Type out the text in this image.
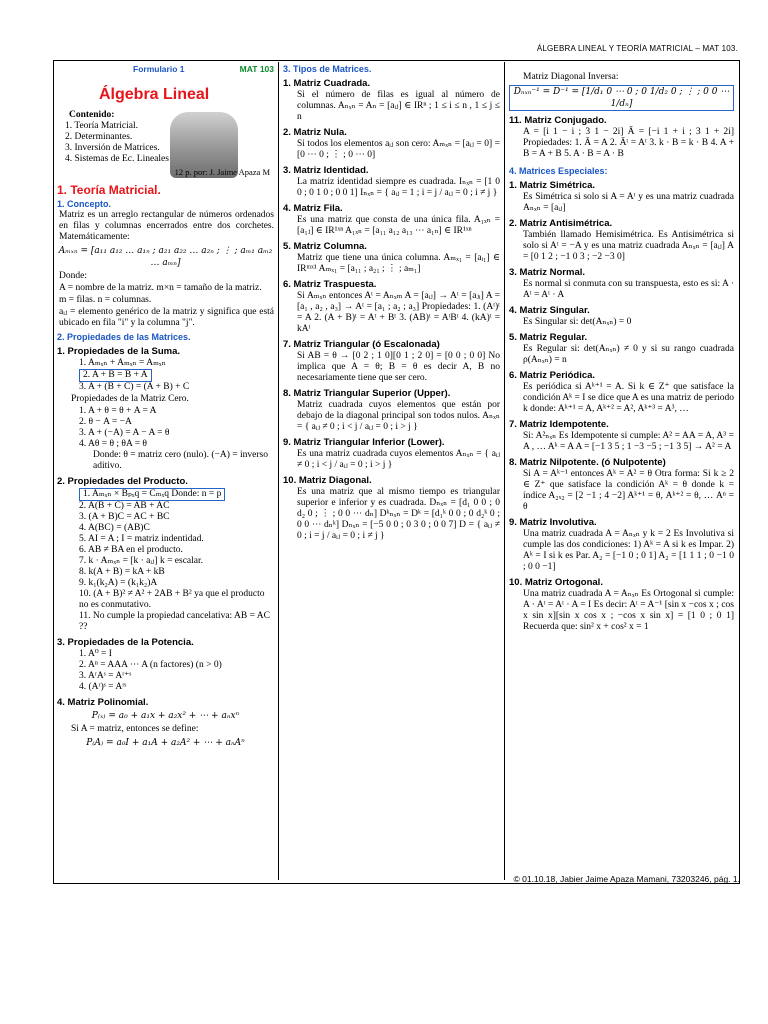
ÁLGEBRA LINEAL Y TEORÍA MATRICIAL – MAT 103.
Formulario 1	MAT 103
Álgebra Lineal
Contenido:
1. Teoría Matricial.
2. Determinantes.
3. Inversión de Matrices.
4. Sistemas de Ec. Lineales
12 p. por: J. Jaime Apaza M
1. Teoría Matricial.
1. Concepto.
Matriz es un arreglo rectangular de números ordenados en filas y columnas encerrados entre dos corchetes. Matemáticamente:
Aₘₓₙ = [a₁₁ a₁₂ … a₁ₙ ; a₂₁ a₂₂ … a₂ₙ ; ⋮ ; aₘ₁ aₘ₂ … aₘₙ]
Donde:
A = nombre de la matriz. m×n = tamaño de la matriz.
m = filas. n = columnas.
aᵢⱼ = elemento genérico de la matriz y significa que está ubicado en fila "i" y la columna "j".
2. Propiedades de las Matrices.
1. Propiedades de la Suma.
1. Aₘₓₙ + Aₘₓₙ = Aₘₓₙ
2. A + B = B + A
3. A + (B + C) = (A + B) + C
Propiedades de la Matriz Cero.
1. A + θ = θ + A = A
2. θ − A = −A
3. A + (−A) = A − A = θ
4. Aθ = θ ; θA = θ
Donde: θ = matriz cero (nulo). (−A) = inverso aditivo.
2. Propiedades del Producto.
1. Aₘₓₙ × Bₚₓq = Cₘₓq Donde: n = p
2. A(B + C) = AB + AC
3. (A + B)C = AC + BC
4. A(BC) = (AB)C
5. AI = A ; I = matriz indentidad.
6. AB ≠ BA en el producto.
7. k · Aₘₓₙ = [k · aᵢⱼ] k = escalar.
8. k(A + B) = kA + kB
9. k₁(k₂A) = (k₁k₂)A
10. (A + B)² ≠ A² + 2AB + B² ya que el producto no es conmutativo.
11. No cumple la propiedad cancelativa: AB = AC ??
3. Propiedades de la Potencia.
1. A⁰ = I
2. Aⁿ = AAA ⋯ A (n factores) (n > 0)
3. AʳAˢ = Aʳ⁺ˢ
4. (Aʳ)ˢ = Aʳˢ
4. Matriz Polinomial.
P₍ₓ₎ = a₀ + a₁x + a₂x² + ⋯ + aₙxⁿ
Si A = matriz, entonces se define:
P₍A₎ = a₀I + a₁A + a₂A² + ⋯ + aₙAⁿ
3. Tipos de Matrices.
1. Matriz Cuadrada.
Si el número de filas es igual al número de columnas. Aₙₓₙ = Aₙ = [aᵢⱼ] ∈ IRⁿ ; 1 ≤ i ≤ n , 1 ≤ j ≤ n
2. Matriz Nula.
Si todos los elementos aᵢⱼ son cero: Aₘₓₙ = [aᵢⱼ = 0] = [0 ⋯ 0 ; ⋮ ; 0 ⋯ 0]
3. Matriz Identidad.
La matriz identidad siempre es cuadrada. Iₙₓₙ = [1 0 0 ; 0 1 0 ; 0 0 1] Iₙₓₙ = { aᵢⱼ = 1 ; i = j / aᵢⱼ = 0 ; i ≠ j }
4. Matriz Fila.
Es una matriz que consta de una única fila. A₁ₓₙ = [a₁ⱼ] ∈ IR¹ˣⁿ A₁ₓₙ = [a₁₁ a₁₂ a₁₃ ⋯ a₁ₙ] ∈ IR¹ˣⁿ
5. Matriz Columna.
Matriz que tiene una única columna. Aₘₓ₁ = [aᵢ₁] ∈ IRᵐˣ¹ Aₘₓ₁ = [a₁₁ ; a₂₁ ; ⋮ ; aₘ₁]
6. Matriz Traspuesta.
Si Aₘₓₙ entonces Aᵗ = Aₙₓₘ A = [aᵢⱼ] → Aᵗ = [aⱼᵢ] A = [a₁ , a₂ , a₃] → Aᵗ = [a₁ ; a₂ ; a₃] Propiedades: 1. (Aᵗ)ᵗ = A 2. (A + B)ᵗ = Aᵗ + Bᵗ 3. (AB)ᵗ = AᵗBᵗ 4. (kA)ᵗ = kAᵗ
7. Matriz Triangular (ó Escalonada)
Si AB = θ → [0 2 ; 1 0][0 1 ; 2 0] = [0 0 ; 0 0] No implica que A = θ; B = θ es decir A, B no necesariamente tiene que ser cero.
8. Matriz Triangular Superior (Upper).
Matriz cuadrada cuyos elementos que están por debajo de la diagonal principal son todos nulos. Aₙₓₙ = { aᵢⱼ ≠ 0 ; i < j / aᵢⱼ = 0 ; i > j }
9. Matriz Triangular Inferior (Lower).
Es una matriz cuadrada cuyos elementos Aₙₓₙ = { aᵢⱼ ≠ 0 ; i < j / aᵢⱼ = 0 ; i > j }
10. Matriz Diagonal.
Es una matriz que al mismo tiempo es triangular superior e inferior y es cuadrada. Dₙₓₙ = [d₁ 0 0 ; 0 d₂ 0 ; ⋮ ; 0 0 ⋯ dₙ] Dᵏₙₓₙ = Dᵏ = [d₁ᵏ 0 0 ; 0 d₂ᵏ 0 ; 0 0 ⋯ dₙᵏ] Dₙₓₙ = [−5 0 0 ; 0 3 0 ; 0 0 7] D = { aᵢⱼ ≠ 0 ; i = j / aᵢⱼ = 0 ; i ≠ j }
Matriz Diagonal Inversa:
Dₙₓₙ⁻¹ = D⁻¹ = [1/d₁ 0 ⋯ 0 ; 0 1/d₂ 0 ; ⋮ ; 0 0 ⋯ 1/dₙ]
11. Matriz Conjugado.
A = [i 1 − i ; 3 1 − 2i] Ā = [−i 1 + i ; 3 1 + 2i] Propiedades: 1. Ā = A 2. Āᵗ = Aᵗ 3. k · B = k · B 4. A + B = A + B 5. A · B = A · B
4. Matrices Especiales:
1. Matriz Simétrica.
Es Simétrica si solo si A = Aᵗ y es una matriz cuadrada Aₙₓₙ = [aᵢⱼ]
2. Matriz Antisimétrica.
También llamado Hemisimétrica. Es Antisimétrica si solo si Aᵗ = −A y es una matriz cuadrada Aₙₓₙ = [aᵢⱼ] A = [0 1 2 ; −1 0 3 ; −2 −3 0]
3. Matriz Normal.
Es normal si conmuta con su transpuesta, esto es si: A · Aᵗ = Aᵗ · A
4. Matriz Singular.
Es Singular si: det(Aₙₓₙ) = 0
5. Matriz Regular.
Es Regular si: det(Aₙₓₙ) ≠ 0 y si su rango cuadrada ρ(Aₙₓₙ) = n
6. Matriz Periódica.
Es periódica si Aᵏ⁺¹ = A. Si k ∈ Z⁺ que satisface la condición Aᵏ = I se dice que A es una matriz de periodo k donde: Aᵏ⁺¹ = A, Aᵏ⁺² = A², Aᵏ⁺³ = A³, …
7. Matriz Idempotente.
Si: A²ₙₓₙ Es Idempotente si cumple: A² = AA = A, A³ = A , … Aᵏ = A A = [−1 3 5 ; 1 −3 −5 ; −1 3 5] → A² = A
8. Matriz Nilpotente. (ó Nulpotente)
Si A = Aᵏ⁻¹ entonces Aᵏ = A² = θ Otra forma: Si k ≥ 2 ∈ Z⁺ que satisface la condición Aᵏ = θ donde k = índice A₂ₓ₂ = [2 −1 ; 4 −2] Aᵏ⁺¹ = θ, Aᵏ⁺² = θ, … Aⁿ = θ
9. Matriz Involutiva.
Una matriz cuadrada A = Aₙₓₙ y k = 2 Es Involutiva si cumple las dos condiciones: 1) Aᵏ = A si k es Impar. 2) Aᵏ = I si k es Par. A₂ = [−1 0 ; 0 1] A₂ = [1 1 1 ; 0 −1 0 ; 0 0 −1]
10. Matriz Ortogonal.
Una matriz cuadrada A = Aₙₓₙ Es Ortogonal si cumple: A · Aᵗ = Aᵗ · A = I Es decir: Aᵗ = A⁻¹ [sin x −cos x ; cos x sin x][sin x cos x ; −cos x sin x] = [1 0 ; 0 1] Recuerda que: sin² x + cos² x = 1
© 01.10.18, Jabier Jaime Apaza Mamani, 73203246, pág. 1.
